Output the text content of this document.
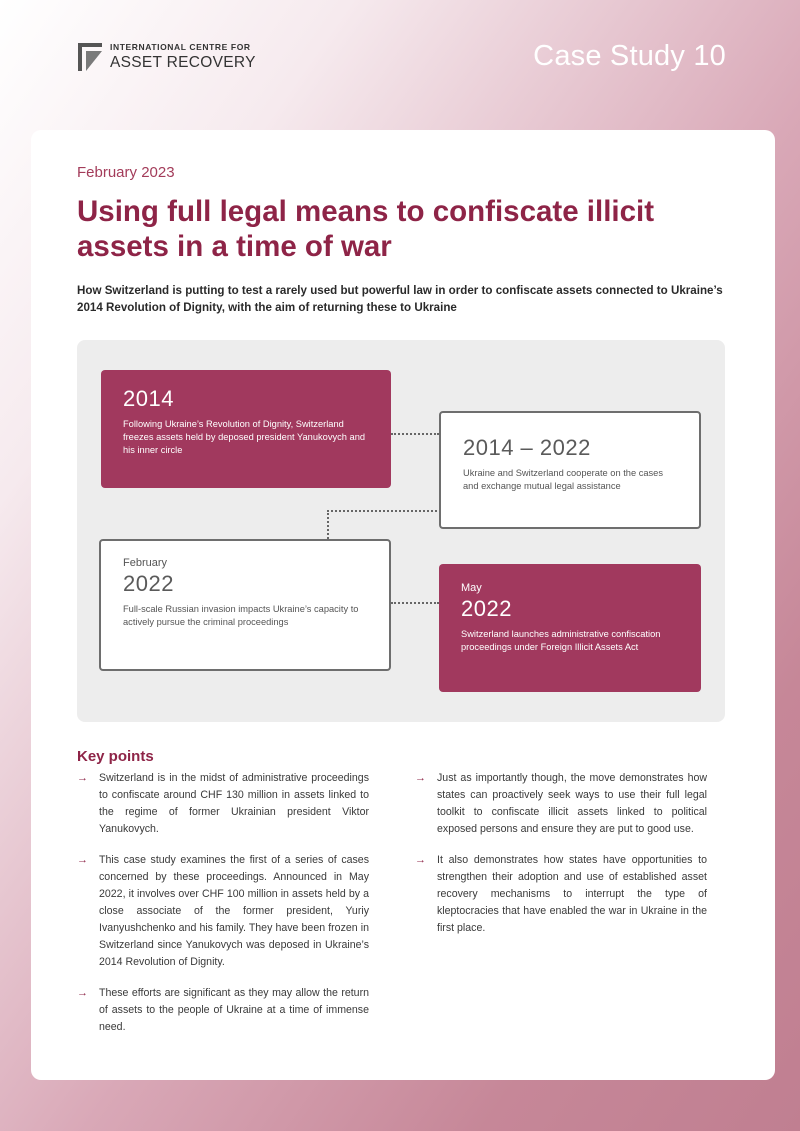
INTERNATIONAL CENTRE FOR
ASSET RECOVERY	Case Study 10
February 2023
Using full legal means to confiscate illicit assets in a time of war

How Switzerland is putting to test a rarely used but powerful law in order to confiscate assets connected to Ukraine’s 2014 Revolution of Dignity, with the aim of returning these to Ukraine

2014
Following Ukraine’s Revolution of Dignity, Switzerland freezes assets held by deposed president Yanukovych and his inner circle	2014 – 2022
Ukraine and Switzerland cooperate on the cases and exchange mutual legal assistance
February
2022
Full-scale Russian invasion impacts Ukraine’s capacity to actively pursue the criminal proceedings
May
2022
Switzerland launches administrative confiscation proceedings under Foreign Illicit Assets Act
Key points
→ Switzerland is in the midst of administrative proceedings to confiscate around CHF 130 million in assets linked to the regime of former Ukrainian president Viktor Yanukovych.
→ This case study examines the first of a series of cases concerned by these proceedings. Announced in May 2022, it involves over CHF 100 million in assets held by a close associate of the former president, Yuriy Ivanyushchenko and his family. They have been frozen in Switzerland since Yanukovych was deposed in Ukraine’s 2014 Revolution of Dignity.
→ These efforts are significant as they may allow the return of assets to the people of Ukraine at a time of immense need.
→ Just as importantly though, the move demonstrates how states can proactively seek ways to use their full legal toolkit to confiscate illicit assets linked to political exposed persons and ensure they are put to good use.
→ It also demonstrates how states have opportunities to strengthen their adoption and use of established asset recovery mechanisms to interrupt the type of kleptocracies that have enabled the war in Ukraine in the first place.
